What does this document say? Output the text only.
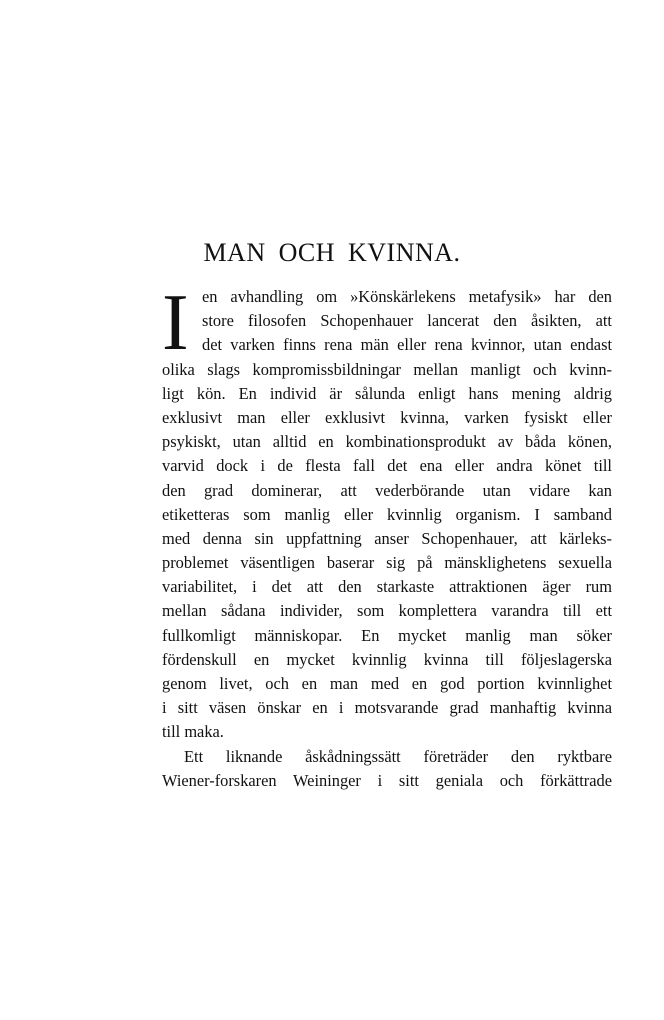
MAN OCH KVINNA.
I en avhandling om »Könskärlekens metafysik» har den
store filosofen Schopenhauer lancerat den åsikten, att
det varken finns rena män eller rena kvinnor, utan endast
olika slags kompromissbildningar mellan manligt och kvinn-
ligt kön. En individ är sålunda enligt hans mening aldrig
exklusivt man eller exklusivt kvinna, varken fysiskt eller
psykiskt, utan alltid en kombinationsprodukt av båda könen,
varvid dock i de flesta fall det ena eller andra könet till
den grad dominerar, att vederbörande utan vidare kan
etiketteras som manlig eller kvinnlig organism. I samband
med denna sin uppfattning anser Schopenhauer, att kärleks-
problemet väsentligen baserar sig på mänsklighetens sexuella
variabilitet, i det att den starkaste attraktionen äger rum
mellan sådana individer, som komplettera varandra till ett
fullkomligt människopar. En mycket manlig man söker
fördenskull en mycket kvinnlig kvinna till följeslagerska
genom livet, och en man med en god portion kvinnlighet
i sitt väsen önskar en i motsvarande grad manhaftig kvinna
till maka.
Ett liknande åskådningssätt företräder den ryktbare
Wiener-forskaren Weininger i sitt geniala och förkättrade
